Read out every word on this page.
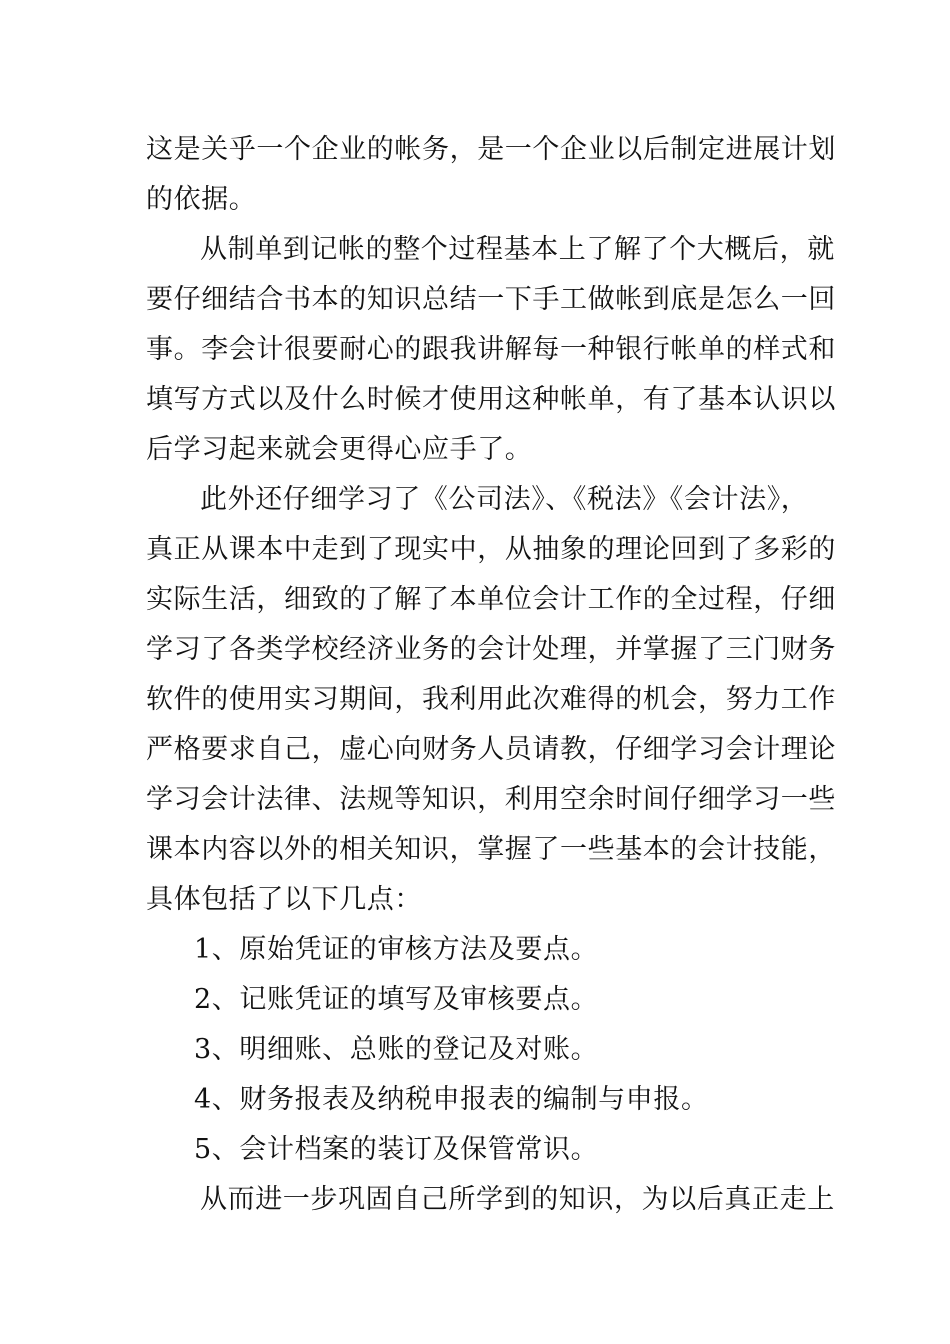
这是关乎一个企业的帐务，是一个企业以后制定进展计划
的依据。
从制单到记帐的整个过程基本上了解了个大概后，就
要仔细结合书本的知识总结一下手工做帐到底是怎么一回
事。李会计很要耐心的跟我讲解每一种银行帐单的样式和
填写方式以及什么时候才使用这种帐单，有了基本认识以
后学习起来就会更得心应手了。
此外还仔细学习了《公司法》、《税法》《会计法》，
真正从课本中走到了现实中，从抽象的理论回到了多彩的
实际生活，细致的了解了本单位会计工作的全过程，仔细
学习了各类学校经济业务的会计处理，并掌握了三门财务
软件的使用实习期间，我利用此次难得的机会，努力工作
严格要求自己，虚心向财务人员请教，仔细学习会计理论
学习会计法律、法规等知识，利用空余时间仔细学习一些
课本内容以外的相关知识，掌握了一些基本的会计技能，
具体包括了以下几点：
1、原始凭证的审核方法及要点。
2、记账凭证的填写及审核要点。
3、明细账、总账的登记及对账。
4、财务报表及纳税申报表的编制与申报。
5、会计档案的装订及保管常识。
从而进一步巩固自己所学到的知识，为以后真正走上
